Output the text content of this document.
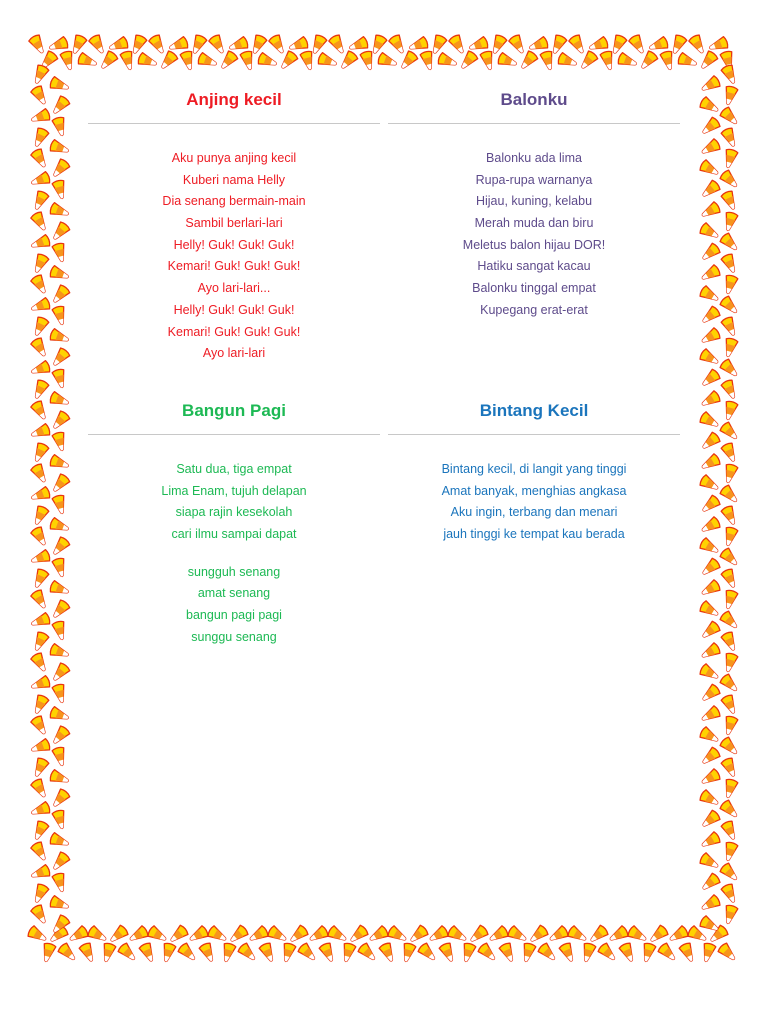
Anjing kecil
Aku punya anjing kecil
Kuberi nama Helly
Dia senang bermain-main
Sambil berlari-lari
Helly! Guk! Guk! Guk!
Kemari! Guk! Guk! Guk!
Ayo lari-lari...
Helly! Guk! Guk! Guk!
Kemari! Guk! Guk! Guk!
Ayo lari-lari
Balonku
Balonku ada lima
Rupa-rupa warnanya
Hijau, kuning, kelabu
Merah muda dan biru
Meletus balon hijau DOR!
Hatiku sangat kacau
Balonku tinggal empat
Kupegang erat-erat
Bangun Pagi
Satu dua, tiga empat
Lima Enam, tujuh delapan
siapa rajin kesekolah
cari ilmu sampai dapat
sungguh senang
amat senang
bangun pagi pagi
sunggu senang
Bintang Kecil
Bintang kecil, di langit yang tinggi
Amat banyak, menghias angkasa
Aku ingin, terbang dan menari
jauh tinggi ke tempat kau berada
